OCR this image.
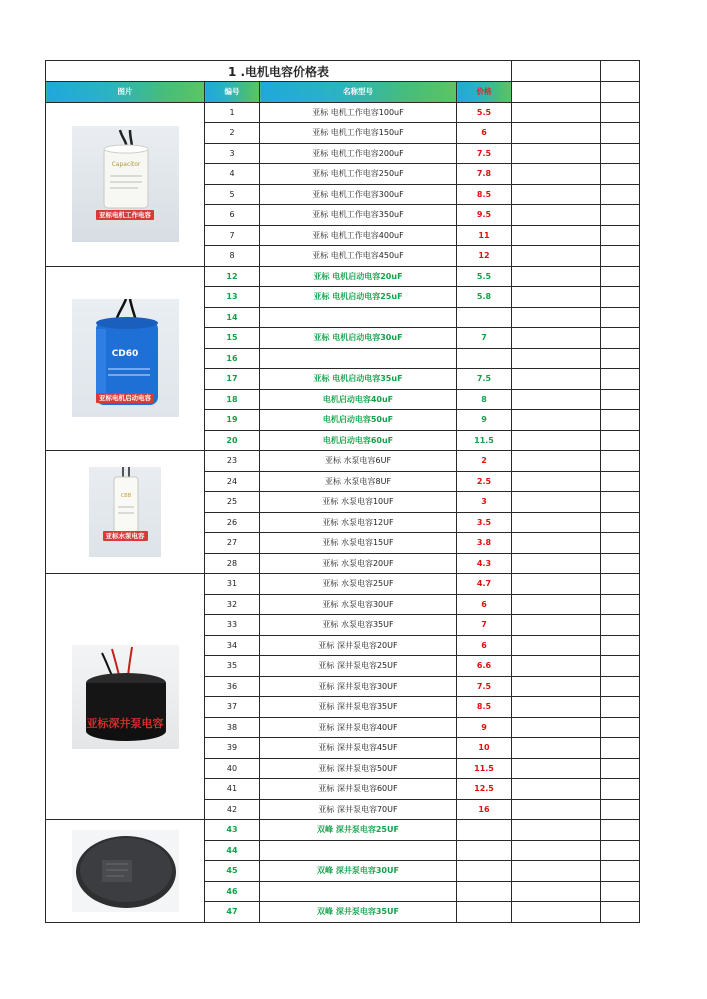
1 .电机电容价格表					
图片	编号	名称型号	价格		

Capacitor
亚标电机工作电容	1	亚标 电机工作电容100uF	5.5		
	2	亚标 电机工作电容150uF	6		
	3	亚标 电机工作电容200uF	7.5		
	4	亚标 电机工作电容250uF	7.8		
	5	亚标 电机工作电容300uF	8.5		
	6	亚标 电机工作电容350uF	9.5		
	7	亚标 电机工作电容400uF	11		
	8	亚标 电机工作电容450uF	12		

CD60
亚标电机启动电容	12	亚标 电机启动电容20uF	5.5		
	13	亚标 电机启动电容25uF	5.8		
	14				
	15	亚标 电机启动电容30uF	7		
	16				
	17	亚标 电机启动电容35uF	7.5		
	18	电机启动电容40uF	8		
	19	电机启动电容50uF	9		
	20	电机启动电容60uF	11.5		

CBB
亚标水泵电容	23	亚标 水泵电容6UF	2		
	24	亚标 水泵电容8UF	2.5		
	25	亚标 水泵电容10UF	3		
	26	亚标 水泵电容12UF	3.5		
	27	亚标 水泵电容15UF	3.8		
	28	亚标 水泵电容20UF	4.3		

亚标深井泵电容	31	亚标 水泵电容25UF	4.7		
	32	亚标 水泵电容30UF	6		
	33	亚标 水泵电容35UF	7		
	34	亚标 深井泵电容20UF	6		
	35	亚标 深井泵电容25UF	6.6		
	36	亚标 深井泵电容30UF	7.5		
	37	亚标 深井泵电容35UF	8.5		
	38	亚标 深井泵电容40UF	9		
	39	亚标 深井泵电容45UF	10		
	40	亚标 深井泵电容50UF	11.5		
	41	亚标 深井泵电容60UF	12.5		
	42	亚标 深井泵电容70UF	16		

	43	双峰 深井泵电容25UF			
	44				
	45	双峰 深井泵电容30UF			
	46				
	47	双峰 深井泵电容35UF			
